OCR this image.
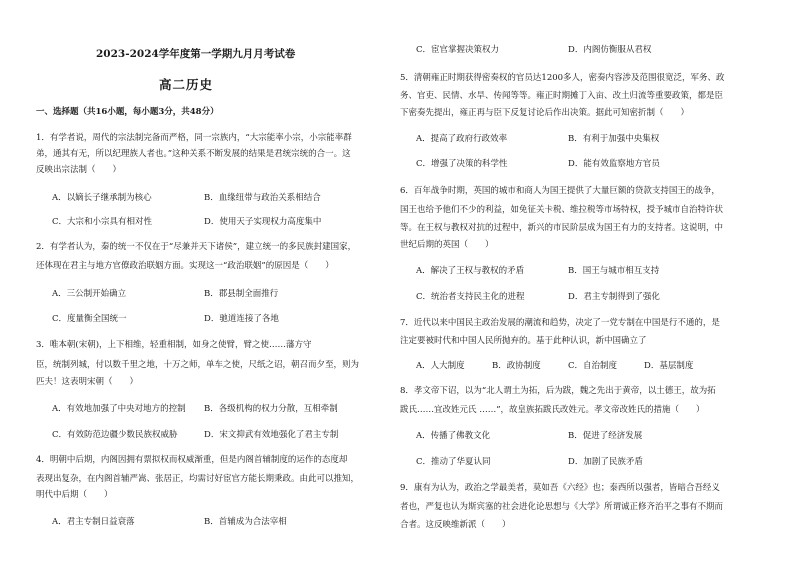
2023-2024学年度第一学期九月月考试卷
高二历史
一、选择题（共16小题，每小题3分，共48分）
1．有学者说，周代的宗法制完备而严格，同一宗族内，“大宗能率小宗，小宗能率群
弟，通其有无，所以纪理族人者也。”这种关系不断发展的结果是君统宗统的合一。这
反映出宗法制（　　）
A．以嫡长子继承制为核心	B．血缘纽带与政治关系相结合
C．大宗和小宗具有相对性	D．使用天子实现权力高度集中
2．有学者认为，秦的统一不仅在于“尽兼并天下诸侯”，建立统一的多民族封建国家，
还体现在君主与地方官僚政治联姻方面。实现这一“政治联姻”的原因是（　　）
A．三公制开始确立	B．郡县制全面推行
C．度量衡全国统一	D．驰道连接了各地
3．唯本朝(宋朝)，上下相维，轻重相制，如身之使臂，臂之使……藩方守
臣，统制列城，付以数千里之地，十万之师，单车之使，尺纸之诏，朝召而夕至，则为
匹夫！这表明宋朝（　　）
A．有效地加强了中央对地方的控制 B．各级机构的权力分散，互相牵制
C．有效防范边疆少数民族权威胁	D．宋文抑武有效地强化了君主专制
4．明朝中后期，内阁因拥有票拟权而权威渐重，但是内阁首辅制度的运作的态度却
表现出复杂，在内阁首辅严嵩、张居正，均需讨好宦官方能长期秉政。由此可以推知，
明代中后期（　　）
A．君主专制日益衰落	B．首辅成为合法宰相
C．宦官掌握决策权力	D．内阁仿衡服从君权
5．清朝雍正时期获得密奏权的官员达1200多人，密奏内容涉及范围很宽泛，军务、政
务、官吏、民情、水旱、传闻等等。雍正时期摊丁入亩、改土归流等重要政策，都是臣
下密奏先提出，雍正再与臣下反复讨论后作出决策。据此可知密折制（　　）
A．提高了政府行政效率	B．有利于加强中央集权
C．增强了决策的科学性	D．能有效监察地方官员
6．百年战争时期，英国的城市和商人为国王提供了大量巨额的贷款支持国王的战争，
国王也给予他们不少的利益，如免征关卡税、维拉税等市场特权，授予城市自治特许状
等。在王权与教权对抗的过程中，新兴的市民阶层成为国王有力的支持者。这说明，中
世纪后期的英国（　　）
A．解决了王权与教权的矛盾	B．国王与城市相互支持
C．统治者支持民主化的进程	D．君主专制得到了强化
7．近代以来中国民主政治发展的潮流和趋势，决定了一党专制在中国是行不通的，是
注定要被时代和中国人民所抛弃的。基于此种认识，新中国确立了
A．人大制度	B．政协制度	C．自治制度	D．基层制度
8．孝文帝下诏，以为“北人谓土为拓，后为跋，魏之先出于黄帝，以土德王，故为拓
跋氏……宜改姓元氏 ……”，故皇族拓跋氏改姓元。孝文帝改姓氏的措施（　　）
A．传播了佛教文化	B．促进了经济发展
C．推动了华夏认同	D．加剧了民族矛盾
9．康有为认为，政治之学最美者，莫如吾《六经》也；泰西所以强者，皆暗合吾经义
者也，严复也认为斯宾塞的社会进化论思想与《大学》所谓诚正修齐治平之事有不期而
合者。这反映维新派（　　）
